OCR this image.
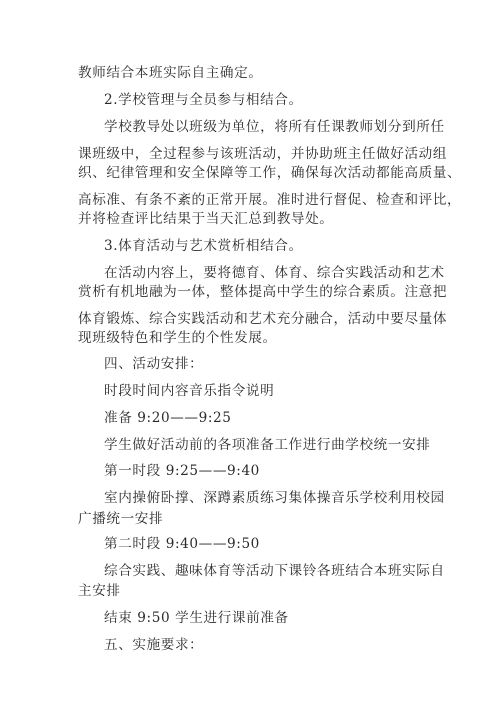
教师结合本班实际自主确定。
2.学校管理与全员参与相结合。
学校教导处以班级为单位，将所有任课教师划分到所任
课班级中，全过程参与该班活动，并协助班主任做好活动组
织、纪律管理和安全保障等工作，确保每次活动都能高质量、
高标准、有条不紊的正常开展。准时进行督促、检查和评比，
并将检查评比结果于当天汇总到教导处。
3.体育活动与艺术赏析相结合。
在活动内容上，要将德育、体育、综合实践活动和艺术
赏析有机地融为一体，整体提高中学生的综合素质。注意把
体育锻炼、综合实践活动和艺术充分融合，活动中要尽量体
现班级特色和学生的个性发展。
四、活动安排：
时段时间内容音乐指令说明
准备 9:20——9:25
学生做好活动前的各项准备工作进行曲学校统一安排
第一时段 9:25——9:40
室内操俯卧撑、深蹲素质练习集体操音乐学校利用校园
广播统一安排
第二时段 9:40——9:50
综合实践、趣味体育等活动下课铃各班结合本班实际自
主安排
结束 9:50 学生进行课前准备
五、实施要求：
